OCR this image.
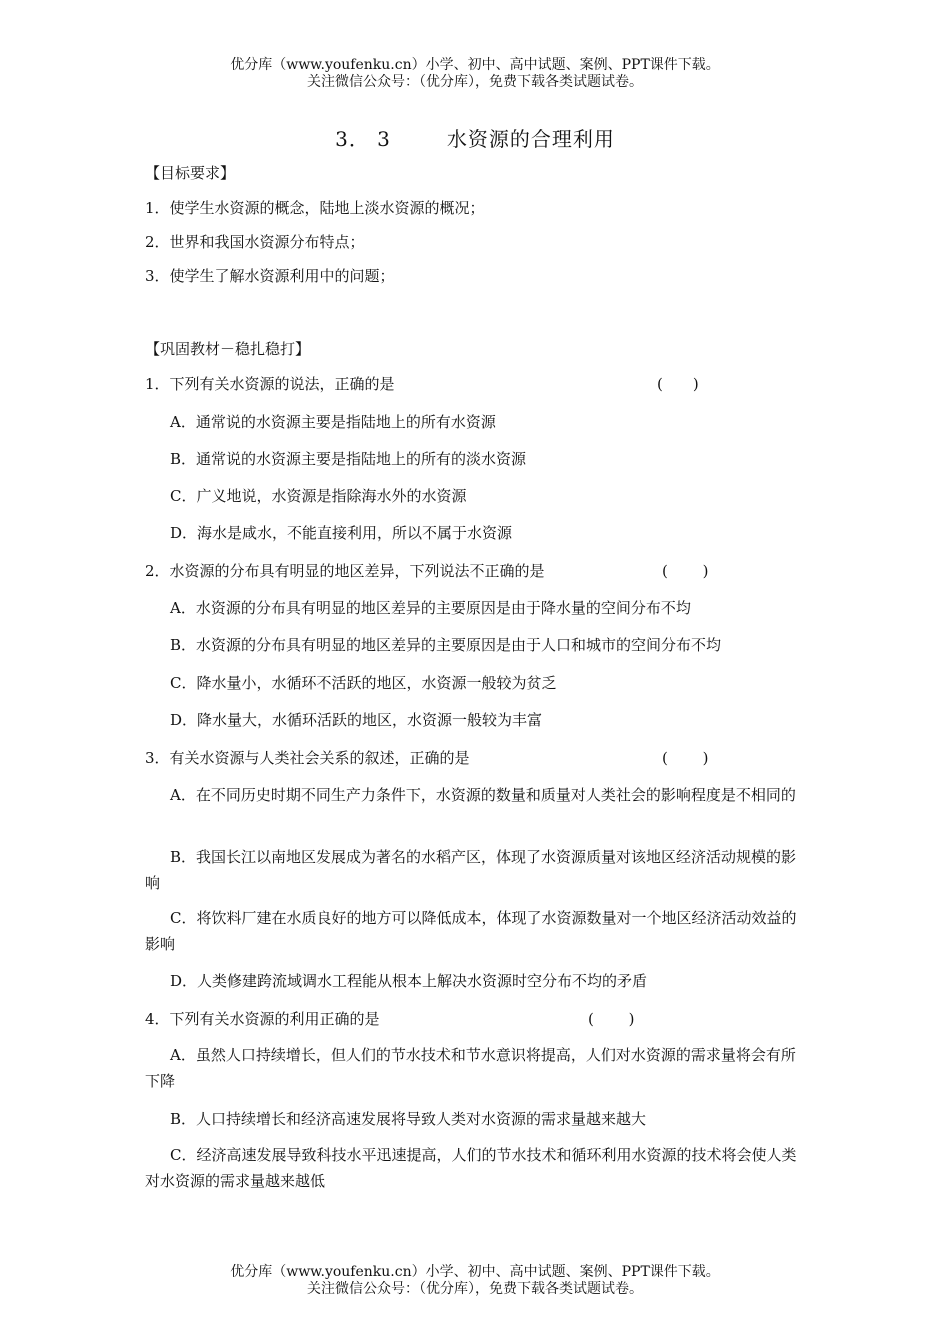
优分库（www.youfenku.cn）小学、初中、高中试题、案例、PPT课件下载。
关注微信公众号：（优分库），免费下载各类试题试卷。
3． 3	水资源的合理利用
【目标要求】
1．使学生水资源的概念，陆地上淡水资源的概况；
2．世界和我国水资源分布特点；
3．使学生了解水资源利用中的问题；
【巩固教材－稳扎稳打】
1．下列有关水资源的说法，正确的是	(　　)
A．通常说的水资源主要是指陆地上的所有水资源
B．通常说的水资源主要是指陆地上的所有的淡水资源
C．广义地说，水资源是指除海水外的水资源
D．海水是咸水，不能直接利用，所以不属于水资源
2．水资源的分布具有明显的地区差异，下列说法不正确的是	(　　 )
A．水资源的分布具有明显的地区差异的主要原因是由于降水量的空间分布不均
B．水资源的分布具有明显的地区差异的主要原因是由于人口和城市的空间分布不均
C．降水量小，水循环不活跃的地区，水资源一般较为贫乏
D．降水量大，水循环活跃的地区，水资源一般较为丰富
3．有关水资源与人类社会关系的叙述，正确的是	(　　 )
A．在不同历史时期不同生产力条件下，水资源的数量和质量对人类社会的影响程度是不相同的
B．我国长江以南地区发展成为著名的水稻产区，体现了水资源质量对该地区经济活动规模的影响
C．将饮料厂建在水质良好的地方可以降低成本，体现了水资源数量对一个地区经济活动效益的影响
D．人类修建跨流域调水工程能从根本上解决水资源时空分布不均的矛盾
4．下列有关水资源的利用正确的是	(　　 )
A．虽然人口持续增长，但人们的节水技术和节水意识将提高，人们对水资源的需求量将会有所下降
B．人口持续增长和经济高速发展将导致人类对水资源的需求量越来越大
C．经济高速发展导致科技水平迅速提高，人们的节水技术和循环利用水资源的技术将会使人类对水资源的需求量越来越低
优分库（www.youfenku.cn）小学、初中、高中试题、案例、PPT课件下载。
关注微信公众号：（优分库），免费下载各类试题试卷。
